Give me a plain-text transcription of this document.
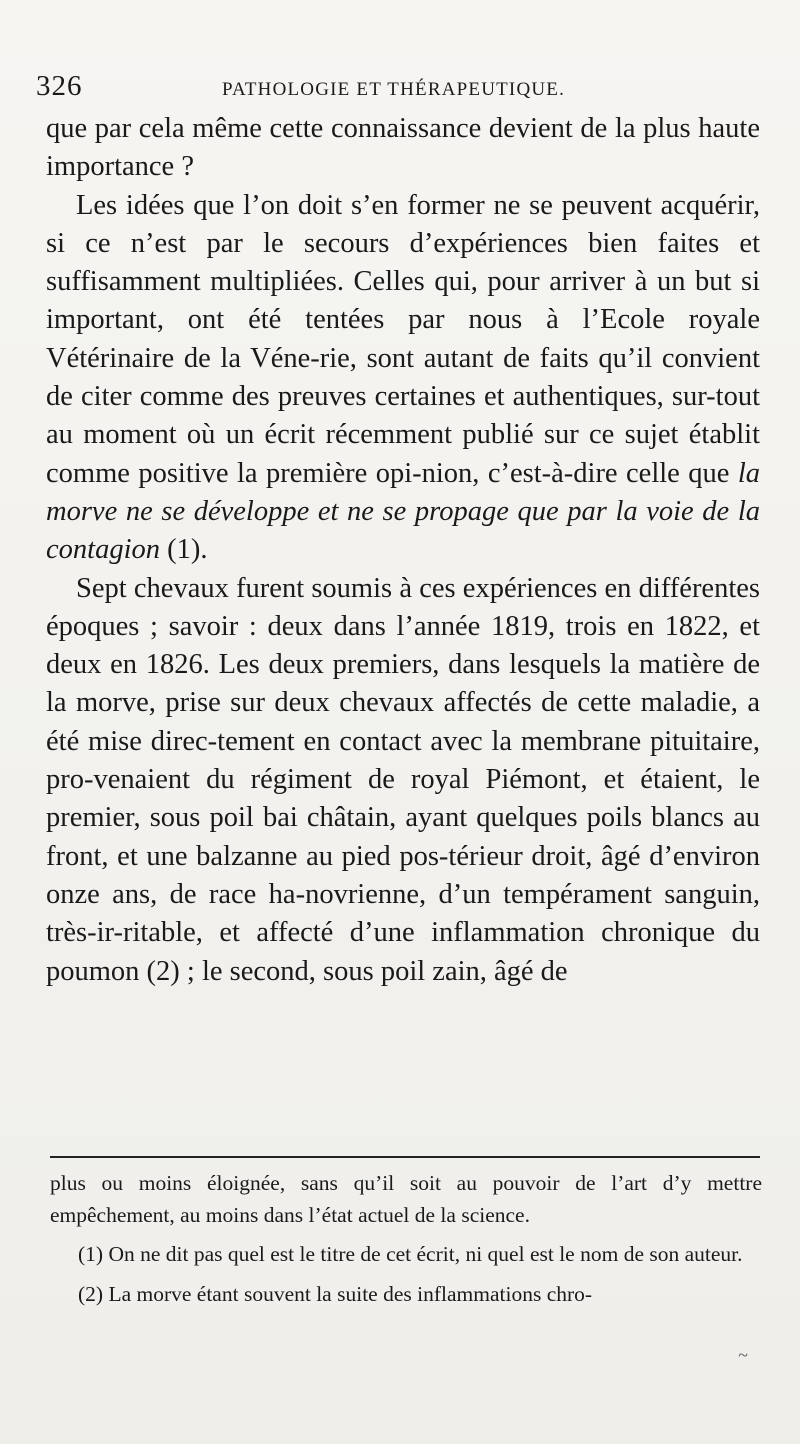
326	PATHOLOGIE ET THÉRAPEUTIQUE.

que par cela même cette connaissance devient de la plus haute importance ?

Les idées que l’on doit s’en former ne se peuvent acquérir, si ce n’est par le secours d’expériences bien faites et suffisamment multipliées. Celles qui, pour arriver à un but si important, ont été tentées par nous à l’Ecole royale Vétérinaire de la Véne-rie, sont autant de faits qu’il convient de citer comme des preuves certaines et authentiques, sur-tout au moment où un écrit récemment publié sur ce sujet établit comme positive la première opi-nion, c’est-à-dire celle que la morve ne se développe et ne se propage que par la voie de la contagion (1).

Sept chevaux furent soumis à ces expériences en différentes époques ; savoir : deux dans l’année 1819, trois en 1822, et deux en 1826. Les deux premiers, dans lesquels la matière de la morve, prise sur deux chevaux affectés de cette maladie, a été mise direc-tement en contact avec la membrane pituitaire, pro-venaient du régiment de royal Piémont, et étaient, le premier, sous poil bai châtain, ayant quelques poils blancs au front, et une balzanne au pied pos-térieur droit, âgé d’environ onze ans, de race ha-novrienne, d’un tempérament sanguin, très-ir-ritable, et affecté d’une inflammation chronique du poumon (2) ; le second, sous poil zain, âgé de

plus ou moins éloignée, sans qu’il soit au pouvoir de l’art d’y mettre empêchement, au moins dans l’état actuel de la science.

(1) On ne dit pas quel est le titre de cet écrit, ni quel est le nom de son auteur.

(2) La morve étant souvent la suite des inflammations chro-

~
